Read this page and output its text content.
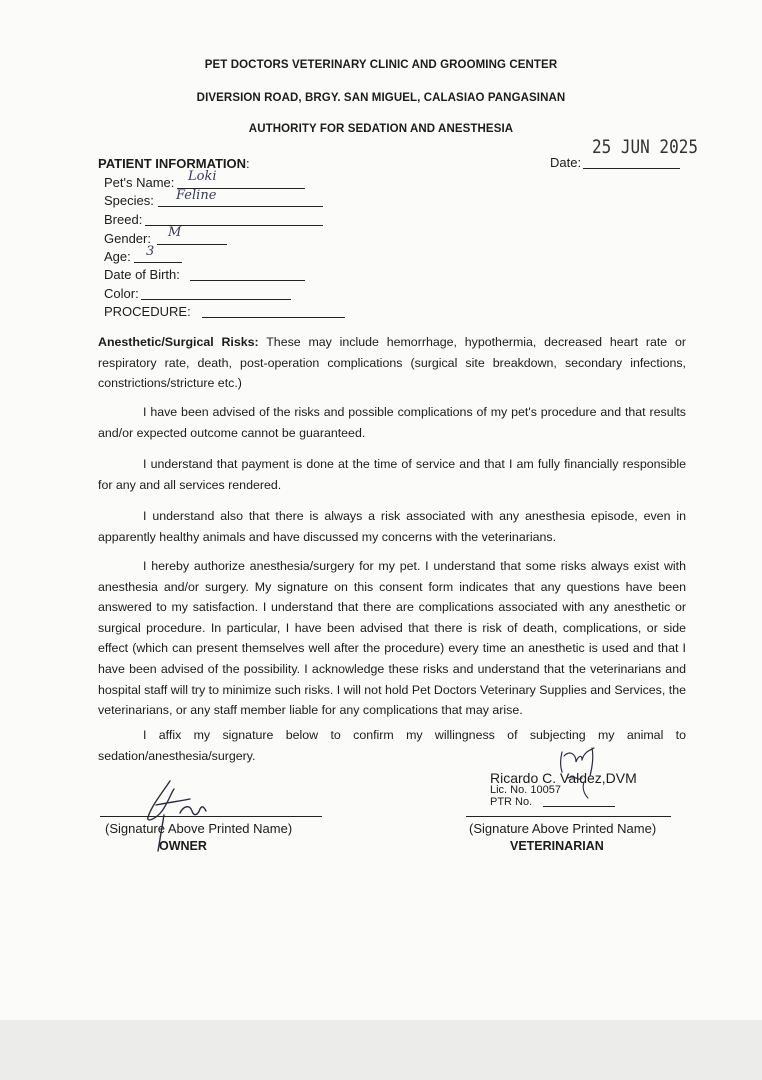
PET DOCTORS VETERINARY CLINIC AND GROOMING CENTER
DIVERSION ROAD, BRGY. SAN MIGUEL, CALASIAO PANGASINAN
AUTHORITY FOR SEDATION AND ANESTHESIA
25 JUN 2025
Date:
PATIENT INFORMATION:
Pet's Name: Loki
Species: Feline
Breed:
Gender: M
Age: 3
Date of Birth:
Color:
PROCEDURE:

Anesthetic/Surgical Risks: These may include hemorrhage, hypothermia, decreased heart rate or respiratory rate, death, post-operation complications (surgical site breakdown, secondary infections, constrictions/stricture etc.)

I have been advised of the risks and possible complications of my pet's procedure and that results and/or expected outcome cannot be guaranteed.

I understand that payment is done at the time of service and that I am fully financially responsible for any and all services rendered.

I understand also that there is always a risk associated with any anesthesia episode, even in apparently healthy animals and have discussed my concerns with the veterinarians.

I hereby authorize anesthesia/surgery for my pet. I understand that some risks always exist with anesthesia and/or surgery. My signature on this consent form indicates that any questions have been answered to my satisfaction. I understand that there are complications associated with any anesthetic or surgical procedure. In particular, I have been advised that there is risk of death, complications, or side effect (which can present themselves well after the procedure) every time an anesthetic is used and that I have been advised of the possibility. I acknowledge these risks and understand that the veterinarians and hospital staff will try to minimize such risks. I will not hold Pet Doctors Veterinary Supplies and Services, the veterinarians, or any staff member liable for any complications that may arise.

I affix my signature below to confirm my willingness of subjecting my animal to sedation/anesthesia/surgery.

Ricardo C. Valdez,DVM
Lic. No. 10057
PTR No.
(Signature Above Printed Name)
OWNER
(Signature Above Printed Name)
VETERINARIAN
